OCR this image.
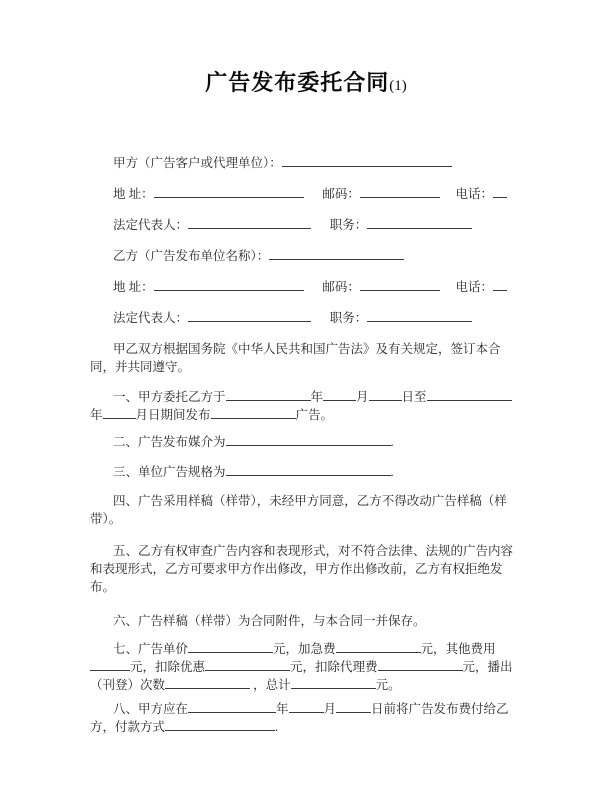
广告发布委托合同(1)
甲方（广告客户或代理单位）：
地 址：	邮码：	电话：
法定代表人：	职务：
乙方（广告发布单位名称）：
地 址：	邮码：	电话：
法定代表人：	职务：
甲乙双方根据国务院《中华人民共和国广告法》及有关规定，签订本合同，并共同遵守。
一、甲方委托乙方于	年	月	日至年	月日期间发布	广告。
二、广告发布媒介为	.
三、单位广告规格为	.
四、广告采用样稿（样带），未经甲方同意，乙方不得改动广告样稿（样带）。
五、乙方有权审查广告内容和表现形式，对不符合法律、法规的广告内容和表现形式，乙方可要求甲方作出修改，甲方作出修改前，乙方有权拒绝发布。
六、广告样稿（样带）为合同附件，与本合同一并保存。
七、广告单价	元，加急费	元，其他费用元，扣除优惠	元，扣除代理费	元，播出（刊登）次数	，总计	元。
八、甲方应在	年	月	日前将广告发布费付给乙方，付款方式	.
